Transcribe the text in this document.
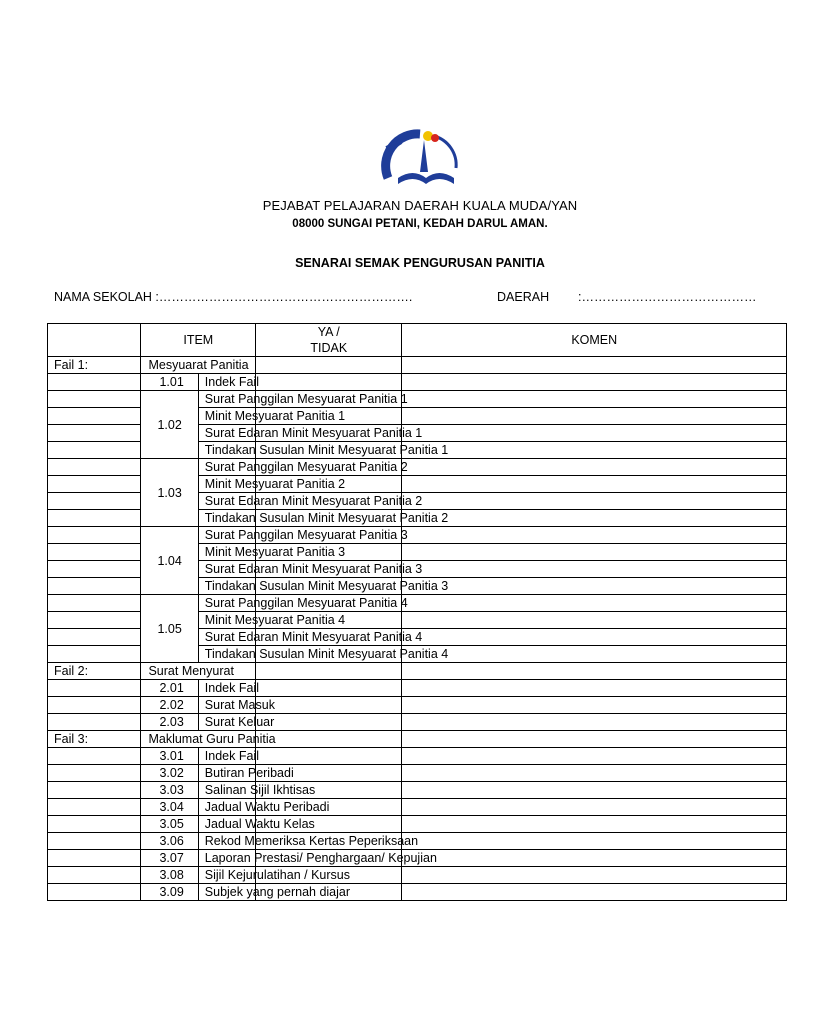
PPD
PEJABAT PELAJARAN DAERAH KUALA MUDA/YAN
08000 SUNGAI PETANI, KEDAH DARUL AMAN.
SENARAI SEMAK PENGURUSAN PANITIA
NAMA SEKOLAH :…………………………………………………….	DAERAH :……………………………………
	ITEM		YA /
TIDAK	KOMEN
Fail 1:	Mesyuarat Panitia			
	1.01	Indek Fail		
	1.02	Surat Panggilan Mesyuarat Panitia 1		
		Minit Mesyuarat Panitia 1		
		Surat Edaran Minit Mesyuarat Panitia 1		
		Tindakan Susulan Minit Mesyuarat Panitia 1		
	1.03	Surat Panggilan Mesyuarat Panitia 2		
		Minit Mesyuarat Panitia 2		
		Surat Edaran Minit Mesyuarat Panitia 2		
		Tindakan Susulan Minit Mesyuarat Panitia 2		
	1.04	Surat Panggilan Mesyuarat Panitia 3		
		Minit Mesyuarat Panitia 3		
		Surat Edaran Minit Mesyuarat Panitia 3		
		Tindakan Susulan Minit Mesyuarat Panitia 3		
	1.05	Surat Panggilan Mesyuarat Panitia 4		
		Minit Mesyuarat Panitia 4		
		Surat Edaran Minit Mesyuarat Panitia 4		
		Tindakan Susulan Minit Mesyuarat Panitia 4		
Fail 2:	Surat Menyurat			
	2.01	Indek Fail		
	2.02	Surat Masuk		
	2.03	Surat Keluar		
Fail 3:	Maklumat Guru Panitia			
	3.01	Indek Fail		
	3.02	Butiran Peribadi		
	3.03	Salinan Sijil Ikhtisas		
	3.04	Jadual Waktu Peribadi		
	3.05	Jadual Waktu Kelas		
	3.06	Rekod Memeriksa Kertas Peperiksaan		
	3.07	Laporan Prestasi/ Penghargaan/ Kepujian		
	3.08	Sijil Kejurulatihan / Kursus		
	3.09	Subjek yang pernah diajar		
